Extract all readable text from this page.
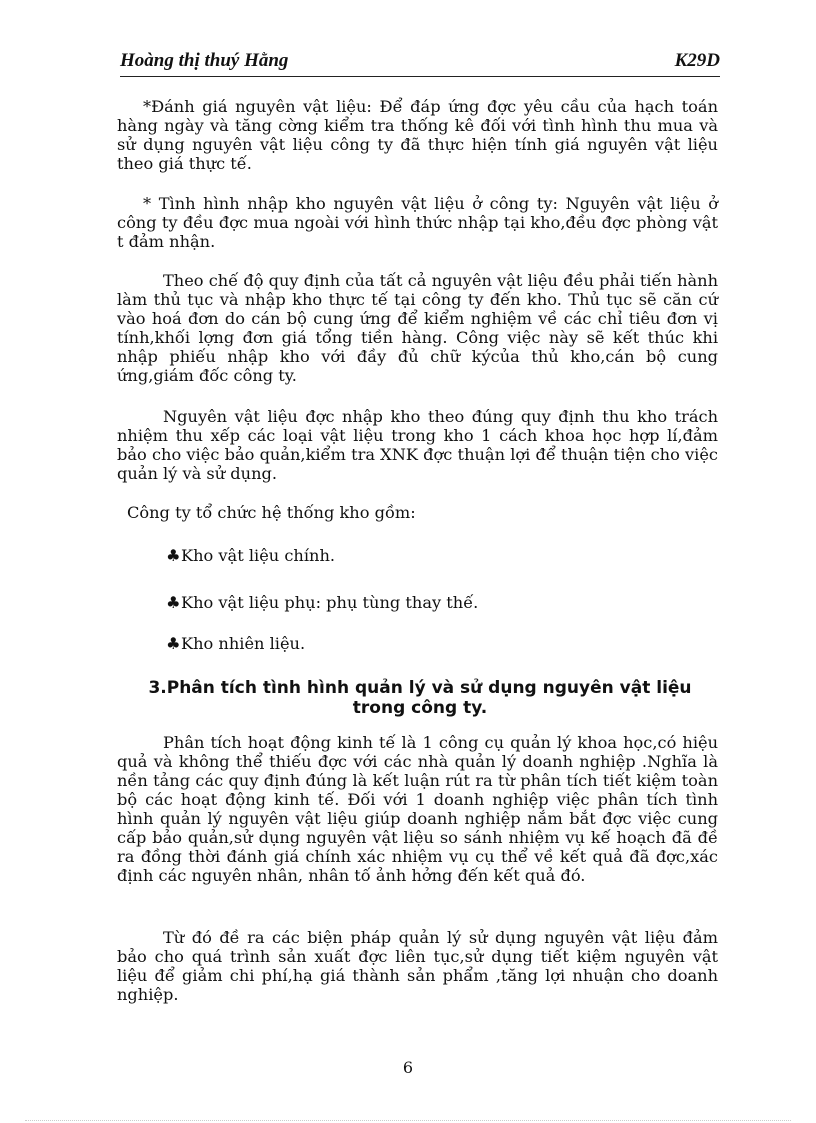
Hoàng thị thuý Hằng	K29D

*Đánh giá nguyên vật liệu: Để đáp ứng đợc yêu cầu của hạch toán hàng ngày và tăng cờng kiểm tra thống kê đối với tình hình thu mua và sử dụng nguyên vật liệu công ty đã thực hiện tính giá nguyên vật liệu theo giá thực tế.

* Tình hình nhập kho nguyên vật liệu ở công ty: Nguyên vật liệu ở công ty đều đợc mua ngoài với hình thức nhập tại kho,đều đợc phòng vật t đảm nhận.

Theo chế độ quy định của tất cả nguyên vật liệu đều phải tiến hành làm thủ tục và nhập kho thực tế tại công ty đến kho. Thủ tục sẽ căn cứ vào hoá đơn do cán bộ cung ứng để kiểm nghiệm về các chỉ tiêu đơn vị tính,khối lợng đơn giá tổng tiền hàng. Công việc này sẽ kết thúc khi nhập phiếu nhập kho với đầy đủ chữ kýcủa thủ kho,cán bộ cung ứng,giám đốc công ty.

Nguyên vật liệu đợc nhập kho theo đúng quy định thu kho trách nhiệm thu xếp các loại vật liệu trong kho 1 cách khoa học hợp lí,đảm bảo cho việc bảo quản,kiểm tra XNK đợc thuận lợi để thuận tiện cho việc quản lý và sử dụng.

Công ty tổ chức hệ thống kho gồm:

♣Kho vật liệu chính.
♣Kho vật liệu phụ: phụ tùng thay thế.
♣Kho nhiên liệu.
3.Phân tích tình hình quản lý và sử dụng nguyên vật liệu trong công ty.

Phân tích hoạt động kinh tế là 1 công cụ quản lý khoa học,có hiệu quả và không thể thiếu đợc với các nhà quản lý doanh nghiệp .Nghĩa là nền tảng các quy định đúng là kết luận rút ra từ phân tích tiết kiệm toàn bộ các hoạt động kinh tế. Đối với 1 doanh nghiệp việc phân tích tình hình quản lý nguyên vật liệu giúp doanh nghiệp nắm bắt đợc việc cung cấp bảo quản,sử dụng nguyên vật liệu so sánh nhiệm vụ kế hoạch đã đề ra đồng thời đánh giá chính xác nhiệm vụ cụ thể về kết quả đã đợc,xác định các nguyên nhân, nhân tố ảnh hởng đến kết quả đó.

Từ đó đề ra các biện pháp quản lý sử dụng nguyên vật liệu đảm bảo cho quá trình sản xuất đợc liên tục,sử dụng tiết kiệm nguyên vật liệu để giảm chi phí,hạ giá thành sản phẩm ,tăng lợi nhuận cho doanh nghiệp.

6
